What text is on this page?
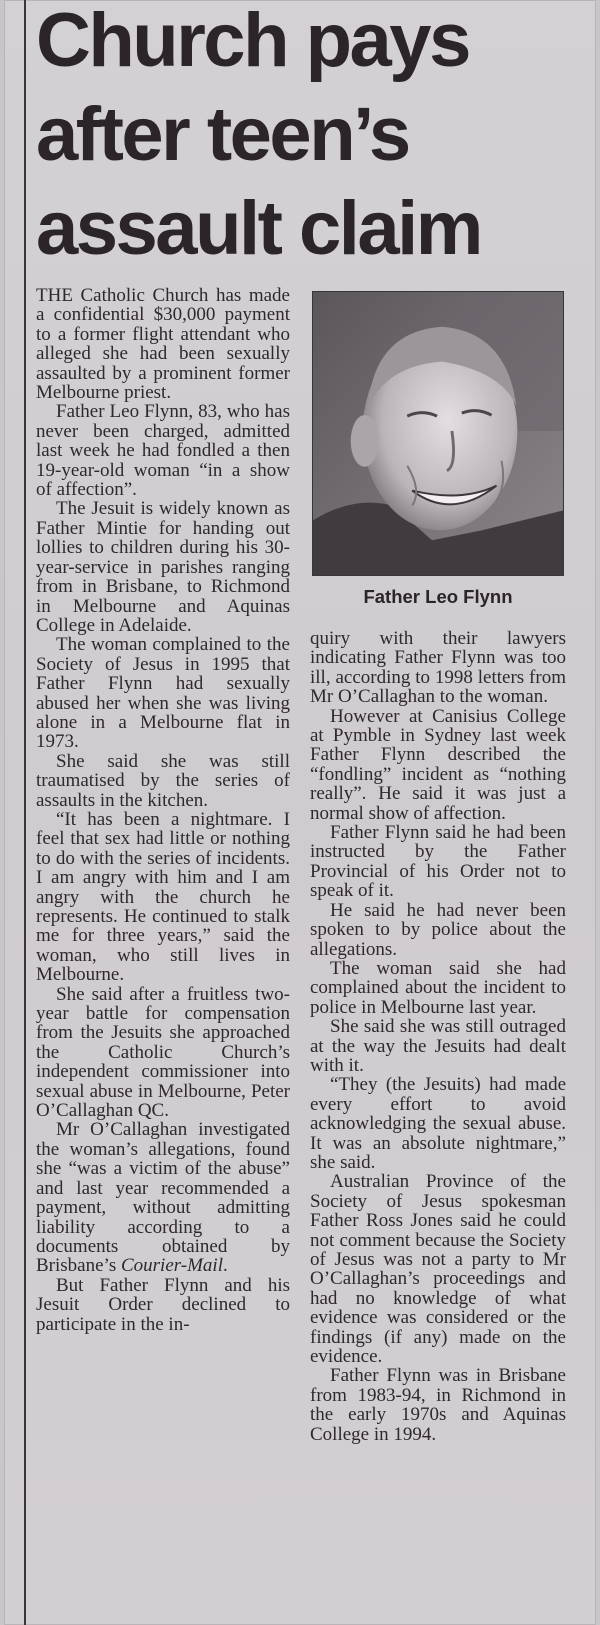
Church pays
after teen’s
assault claim

THE Catholic Church has made a confidential $30,000 payment to a former flight attendant who alleged she had been sexually assaulted by a prominent former Melbourne priest.

Father Leo Flynn, 83, who has never been charged, admitted last week he had fondled a then 19-year-old woman “in a show of affection”.

The Jesuit is widely known as Father Mintie for handing out lollies to children during his 30-year-service in parishes ranging from in Brisbane, to Richmond in Melbourne and Aquinas College in Adelaide.

The woman complained to the Society of Jesus in 1995 that Father Flynn had sexually abused her when she was living alone in a Melbourne flat in 1973.

She said she was still traumatised by the series of assaults in the kitchen.

“It has been a nightmare. I feel that sex had little or nothing to do with the series of incidents. I am angry with him and I am angry with the church he represents. He continued to stalk me for three years,” said the woman, who still lives in Melbourne.

She said after a fruitless two-year battle for compensation from the Jesuits she approached the Catholic Church’s independent commissioner into sexual abuse in Melbourne, Peter O’Callaghan QC.

Mr O’Callaghan investigated the woman’s allegations, found she “was a victim of the abuse” and last year recommended a payment, without admitting liability according to a documents obtained by Brisbane’s Courier-Mail.

But Father Flynn and his Jesuit Order declined to participate in the in-

Father Leo Flynn

quiry with their lawyers indicating Father Flynn was too ill, according to 1998 letters from Mr O’Callaghan to the woman.

However at Canisius College at Pymble in Sydney last week Father Flynn described the “fondling” incident as “nothing really”. He said it was just a normal show of affection.

Father Flynn said he had been instructed by the Father Provincial of his Order not to speak of it.

He said he had never been spoken to by police about the allegations.

The woman said she had complained about the incident to police in Melbourne last year.

She said she was still outraged at the way the Jesuits had dealt with it.

“They (the Jesuits) had made every effort to avoid acknowledging the sexual abuse. It was an absolute nightmare,” she said.

Australian Province of the Society of Jesus spokesman Father Ross Jones said he could not comment because the Society of Jesus was not a party to Mr O’Callaghan’s proceedings and had no knowledge of what evidence was considered or the findings (if any) made on the evidence.

Father Flynn was in Brisbane from 1983-94, in Richmond in the early 1970s and Aquinas College in 1994.
